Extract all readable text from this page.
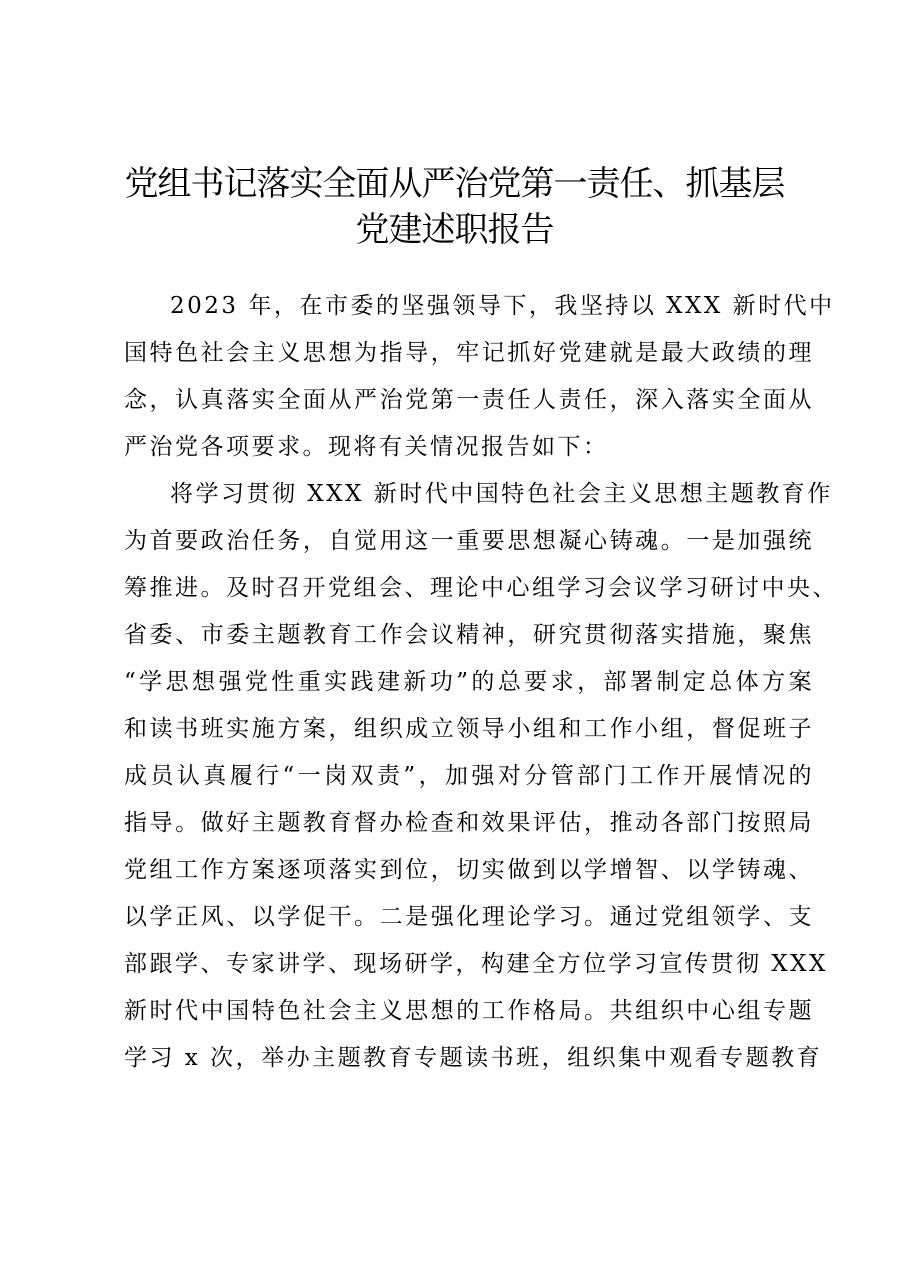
党组书记落实全面从严治党第一责任、抓基层
党建述职报告
2023 年，在市委的坚强领导下，我坚持以 XXX 新时代中
国特色社会主义思想为指导，牢记抓好党建就是最大政绩的理
念，认真落实全面从严治党第一责任人责任，深入落实全面从
严治党各项要求。现将有关情况报告如下：
将学习贯彻 XXX 新时代中国特色社会主义思想主题教育作
为首要政治任务，自觉用这一重要思想凝心铸魂。一是加强统
筹推进。及时召开党组会、理论中心组学习会议学习研讨中央、
省委、市委主题教育工作会议精神，研究贯彻落实措施，聚焦
“学思想强党性重实践建新功”的总要求，部署制定总体方案
和读书班实施方案，组织成立领导小组和工作小组，督促班子
成员认真履行“一岗双责”，加强对分管部门工作开展情况的
指导。做好主题教育督办检查和效果评估，推动各部门按照局
党组工作方案逐项落实到位，切实做到以学增智、以学铸魂、
以学正风、以学促干。二是强化理论学习。通过党组领学、支
部跟学、专家讲学、现场研学，构建全方位学习宣传贯彻 XXX
新时代中国特色社会主义思想的工作格局。共组织中心组专题
学习 x 次，举办主题教育专题读书班，组织集中观看专题教育
